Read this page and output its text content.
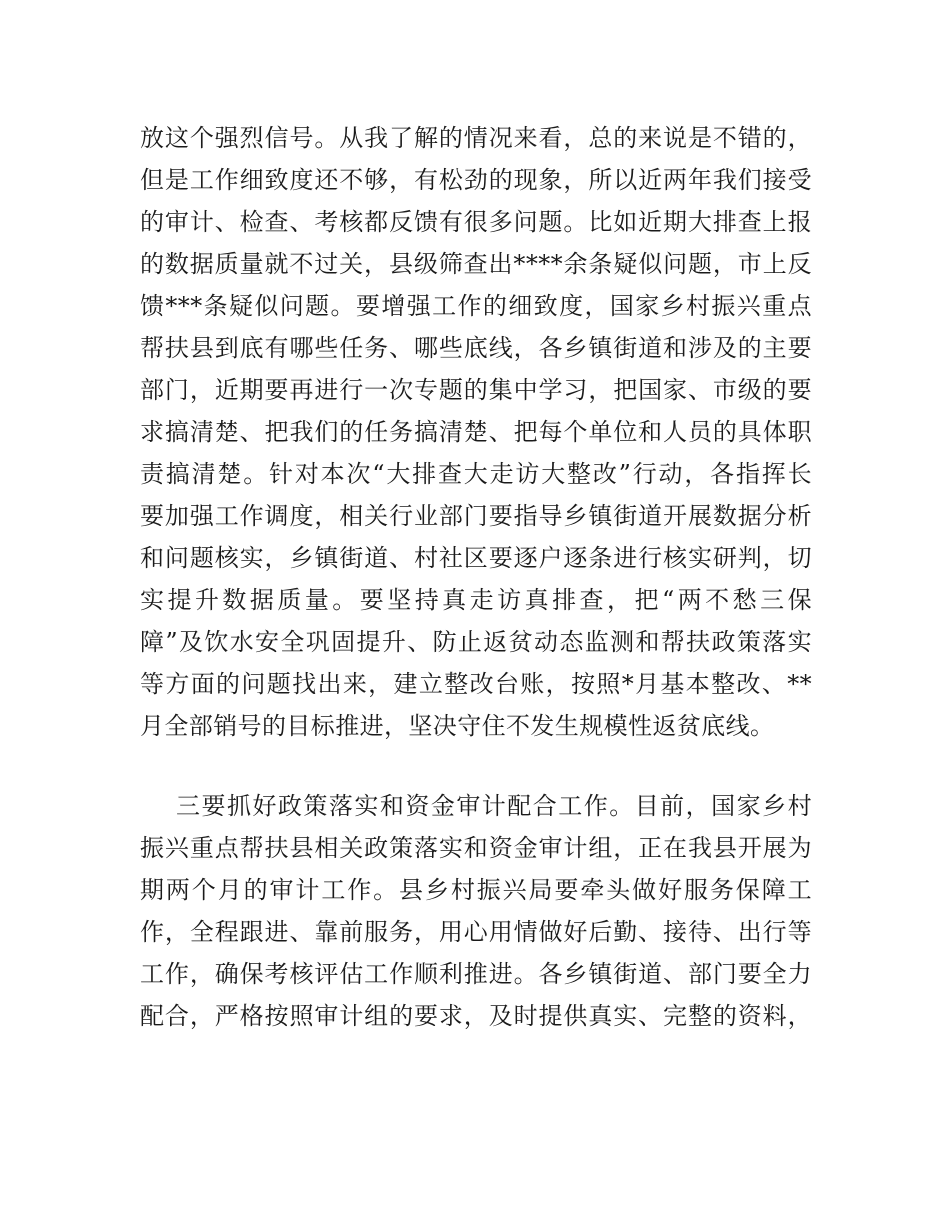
放这个强烈信号。从我了解的情况来看，总的来说是不错的，
但是工作细致度还不够，有松劲的现象，所以近两年我们接受
的审计、检查、考核都反馈有很多问题。比如近期大排查上报
的数据质量就不过关，县级筛查出****余条疑似问题，市上反
馈***条疑似问题。要增强工作的细致度，国家乡村振兴重点
帮扶县到底有哪些任务、哪些底线，各乡镇街道和涉及的主要
部门，近期要再进行一次专题的集中学习，把国家、市级的要
求搞清楚、把我们的任务搞清楚、把每个单位和人员的具体职
责搞清楚。针对本次“大排查大走访大整改”行动，各指挥长
要加强工作调度，相关行业部门要指导乡镇街道开展数据分析
和问题核实，乡镇街道、村社区要逐户逐条进行核实研判，切
实提升数据质量。要坚持真走访真排查，把“两不愁三保
障”及饮水安全巩固提升、防止返贫动态监测和帮扶政策落实
等方面的问题找出来，建立整改台账，按照*月基本整改、**
月全部销号的目标推进，坚决守住不发生规模性返贫底线。
三要抓好政策落实和资金审计配合工作。目前，国家乡村
振兴重点帮扶县相关政策落实和资金审计组，正在我县开展为
期两个月的审计工作。县乡村振兴局要牵头做好服务保障工
作，全程跟进、靠前服务，用心用情做好后勤、接待、出行等
工作，确保考核评估工作顺利推进。各乡镇街道、部门要全力
配合，严格按照审计组的要求，及时提供真实、完整的资料，
